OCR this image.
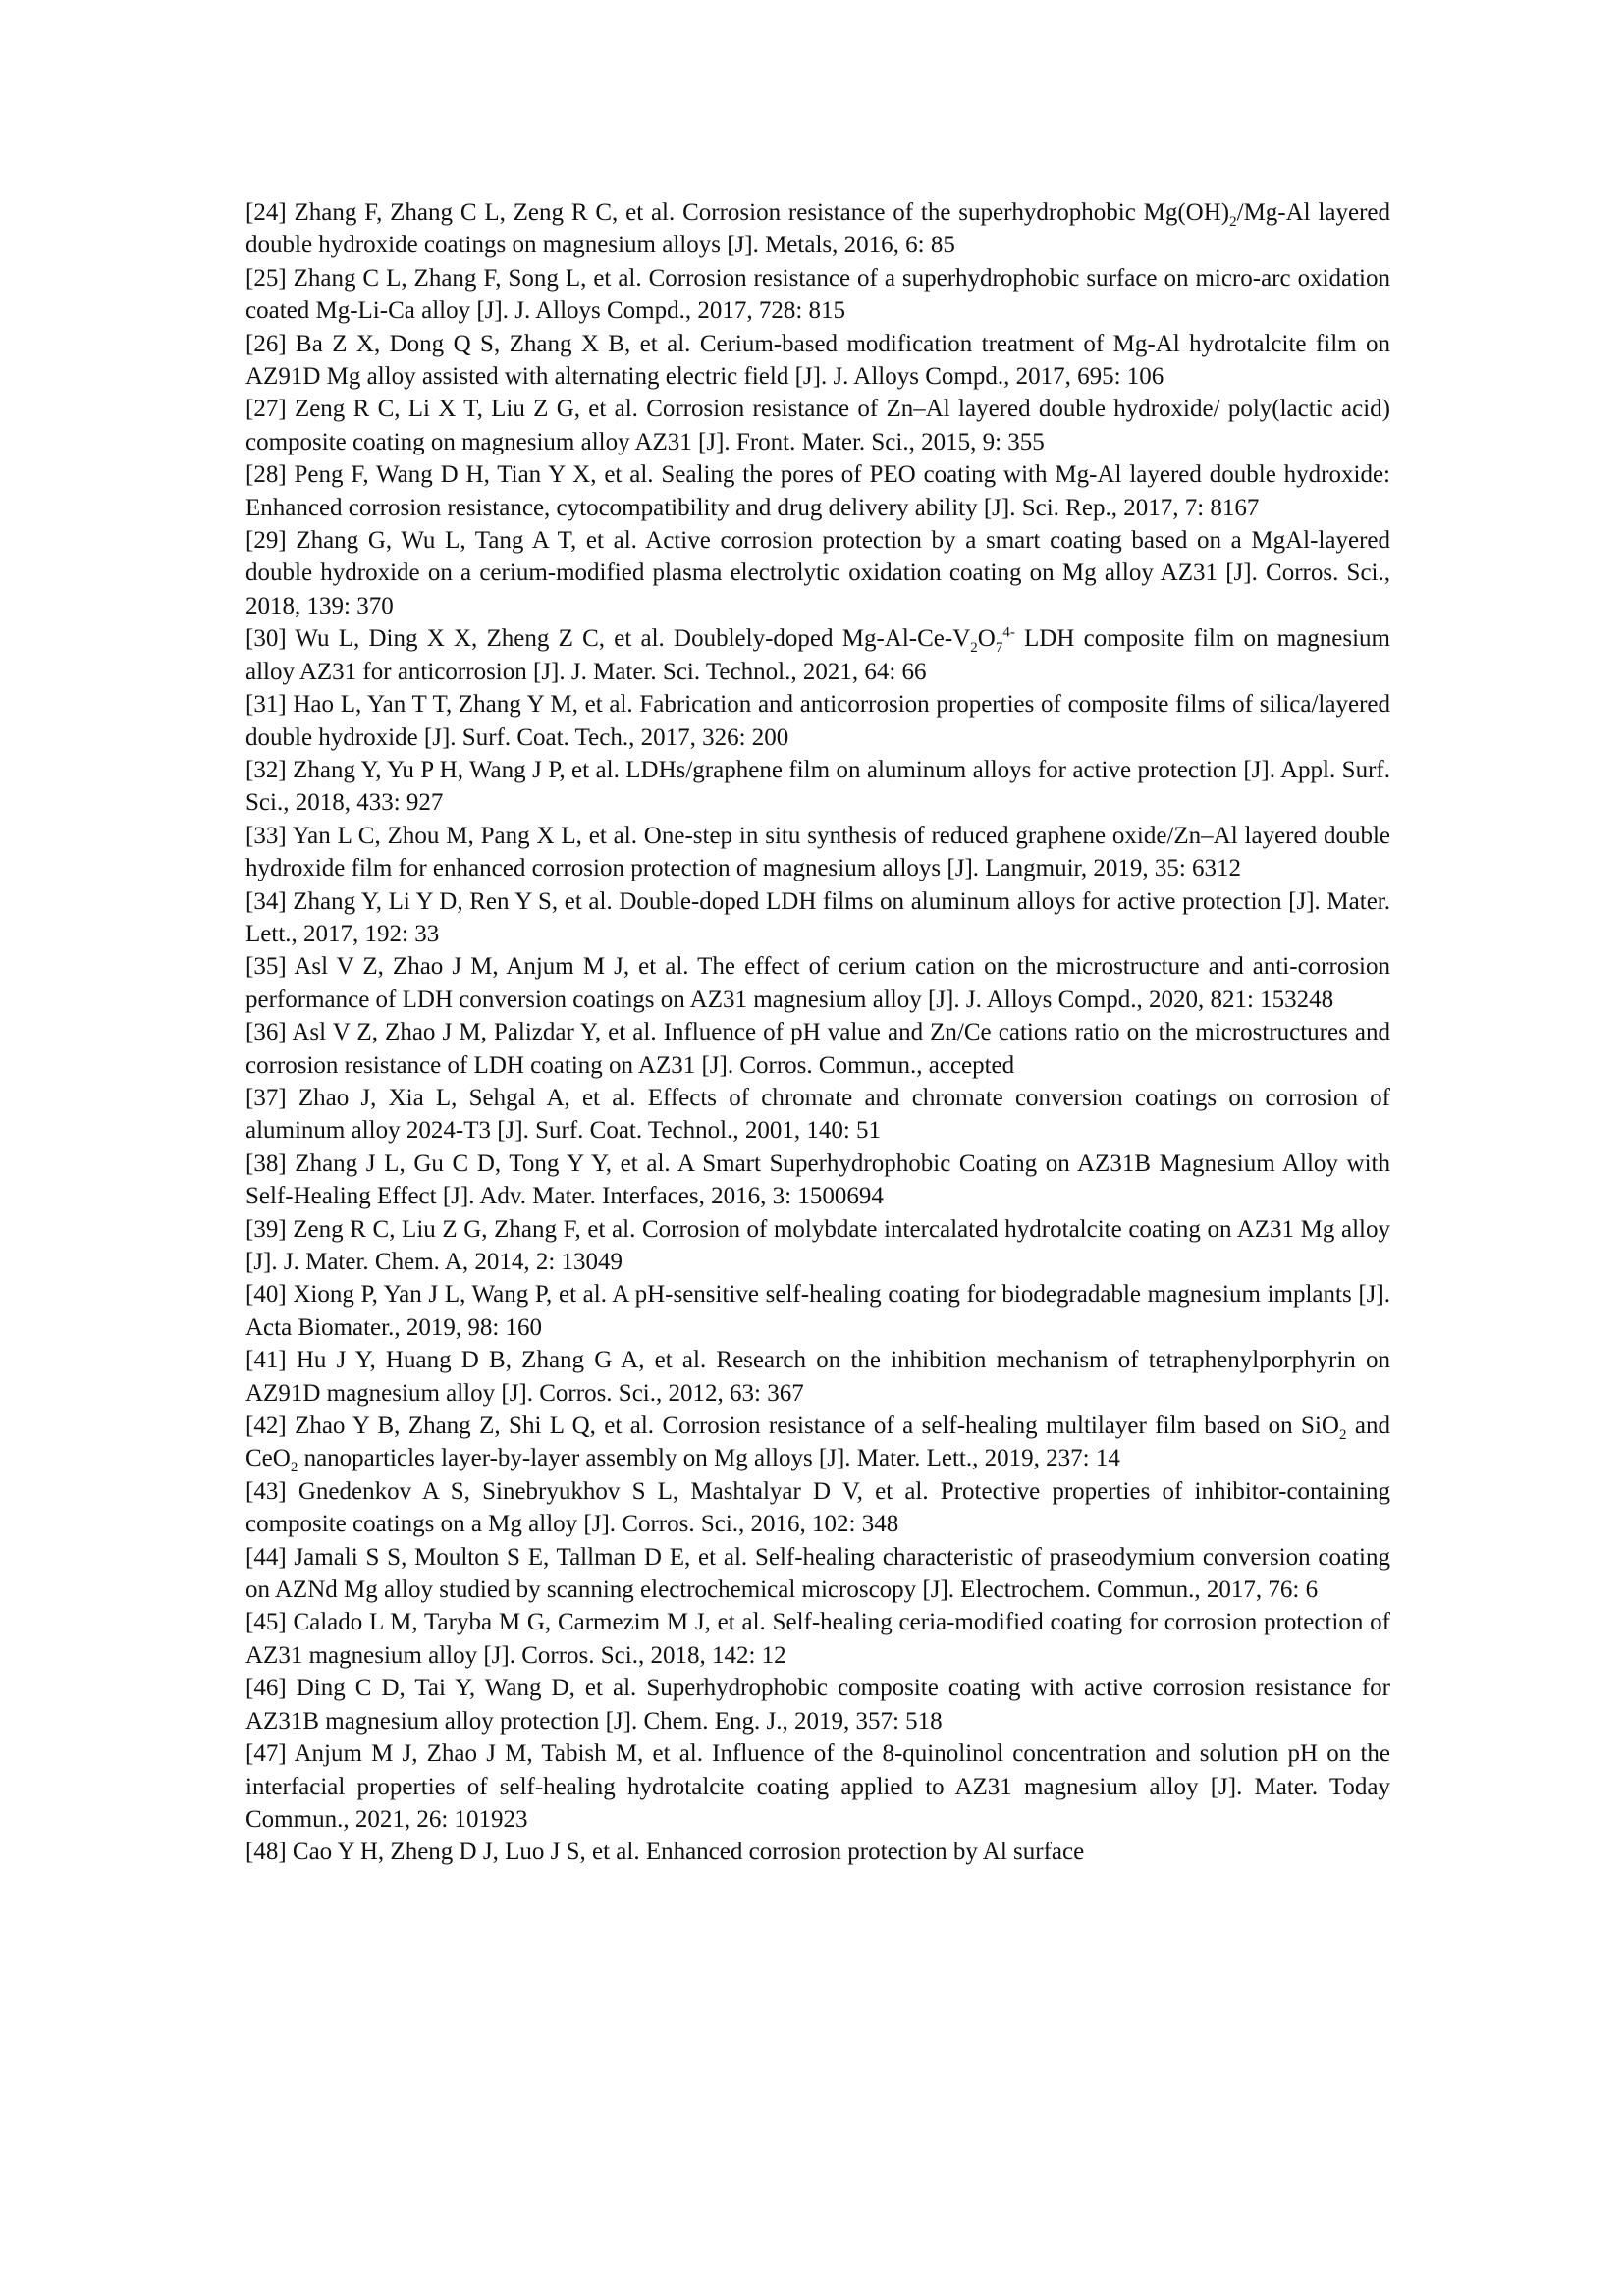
[24] Zhang F, Zhang C L, Zeng R C, et al. Corrosion resistance of the superhydrophobic $Mg(OH)_2/Mg-Al$ layered double hydroxide coatings on magnesium alloys [J]. Metals, 2016, 6: 85

[25] Zhang C L, Zhang F, Song L, et al. Corrosion resistance of a superhydrophobic surface on micro-arc oxidation coated Mg-Li-Ca alloy [J]. J. Alloys Compd., 2017, 728: 815

[26] Ba Z X, Dong Q S, Zhang X B, et al. Cerium-based modification treatment of Mg-Al hydrotalcite film on AZ91D Mg alloy assisted with alternating electric field [J]. J. Alloys Compd., 2017, 695: 106

[27] Zeng R C, Li X T, Liu Z G, et al. Corrosion resistance of Zn–Al layered double hydroxide/ poly(lactic acid) composite coating on magnesium alloy AZ31 [J]. Front. Mater. Sci., 2015, 9: 355

[28] Peng F, Wang D H, Tian Y X, et al. Sealing the pores of PEO coating with Mg-Al layered double hydroxide: Enhanced corrosion resistance, cytocompatibility and drug delivery ability [J]. Sci. Rep., 2017, 7: 8167

[29] Zhang G, Wu L, Tang A T, et al. Active corrosion protection by a smart coating based on a MgAl-layered double hydroxide on a cerium-modified plasma electrolytic oxidation coating on Mg alloy AZ31 [J]. Corros. Sci., 2018, 139: 370

[30] Wu L, Ding X X, Zheng Z C, et al. Doublely-doped $Mg-Al-Ce-V_2O_7^{4-}$ LDH composite film on magnesium alloy AZ31 for anticorrosion [J]. J. Mater. Sci. Technol., 2021, 64: 66

[31] Hao L, Yan T T, Zhang Y M, et al. Fabrication and anticorrosion properties of composite films of silica/layered double hydroxide [J]. Surf. Coat. Tech., 2017, 326: 200

[32] Zhang Y, Yu P H, Wang J P, et al. LDHs/graphene film on aluminum alloys for active protection [J]. Appl. Surf. Sci., 2018, 433: 927

[33] Yan L C, Zhou M, Pang X L, et al. One-step in situ synthesis of reduced graphene oxide/Zn–Al layered double hydroxide film for enhanced corrosion protection of magnesium alloys [J]. Langmuir, 2019, 35: 6312

[34] Zhang Y, Li Y D, Ren Y S, et al. Double-doped LDH films on aluminum alloys for active protection [J]. Mater. Lett., 2017, 192: 33

[35] Asl V Z, Zhao J M, Anjum M J, et al. The effect of cerium cation on the microstructure and anti-corrosion performance of LDH conversion coatings on AZ31 magnesium alloy [J]. J. Alloys Compd., 2020, 821: 153248

[36] Asl V Z, Zhao J M, Palizdar Y, et al. Influence of pH value and Zn/Ce cations ratio on the microstructures and corrosion resistance of LDH coating on AZ31 [J]. Corros. Commun., accepted

[37] Zhao J, Xia L, Sehgal A, et al. Effects of chromate and chromate conversion coatings on corrosion of aluminum alloy 2024-T3 [J]. Surf. Coat. Technol., 2001, 140: 51

[38] Zhang J L, Gu C D, Tong Y Y, et al. A Smart Superhydrophobic Coating on AZ31B Magnesium Alloy with Self-Healing Effect [J]. Adv. Mater. Interfaces, 2016, 3: 1500694

[39] Zeng R C, Liu Z G, Zhang F, et al. Corrosion of molybdate intercalated hydrotalcite coating on AZ31 Mg alloy [J]. J. Mater. Chem. A, 2014, 2: 13049

[40] Xiong P, Yan J L, Wang P, et al. A pH-sensitive self-healing coating for biodegradable magnesium implants [J]. Acta Biomater., 2019, 98: 160

[41] Hu J Y, Huang D B, Zhang G A, et al. Research on the inhibition mechanism of tetraphenylporphyrin on AZ91D magnesium alloy [J]. Corros. Sci., 2012, 63: 367

[42] Zhao Y B, Zhang Z, Shi L Q, et al. Corrosion resistance of a self-healing multilayer film based on SiO$_2$ and CeO$_2$ nanoparticles layer-by-layer assembly on Mg alloys [J]. Mater. Lett., 2019, 237: 14

[43] Gnedenkov A S, Sinebryukhov S L, Mashtalyar D V, et al. Protective properties of inhibitor-containing composite coatings on a Mg alloy [J]. Corros. Sci., 2016, 102: 348

[44] Jamali S S, Moulton S E, Tallman D E, et al. Self-healing characteristic of praseodymium conversion coating on AZNd Mg alloy studied by scanning electrochemical microscopy [J]. Electrochem. Commun., 2017, 76: 6

[45] Calado L M, Taryba M G, Carmezim M J, et al. Self-healing ceria-modified coating for corrosion protection of AZ31 magnesium alloy [J]. Corros. Sci., 2018, 142: 12

[46] Ding C D, Tai Y, Wang D, et al. Superhydrophobic composite coating with active corrosion resistance for AZ31B magnesium alloy protection [J]. Chem. Eng. J., 2019, 357: 518

[47] Anjum M J, Zhao J M, Tabish M, et al. Influence of the 8-quinolinol concentration and solution pH on the interfacial properties of self-healing hydrotalcite coating applied to AZ31 magnesium alloy [J]. Mater. Today Commun., 2021, 26: 101923

[48] Cao Y H, Zheng D J, Luo J S, et al. Enhanced corrosion protection by Al surface
